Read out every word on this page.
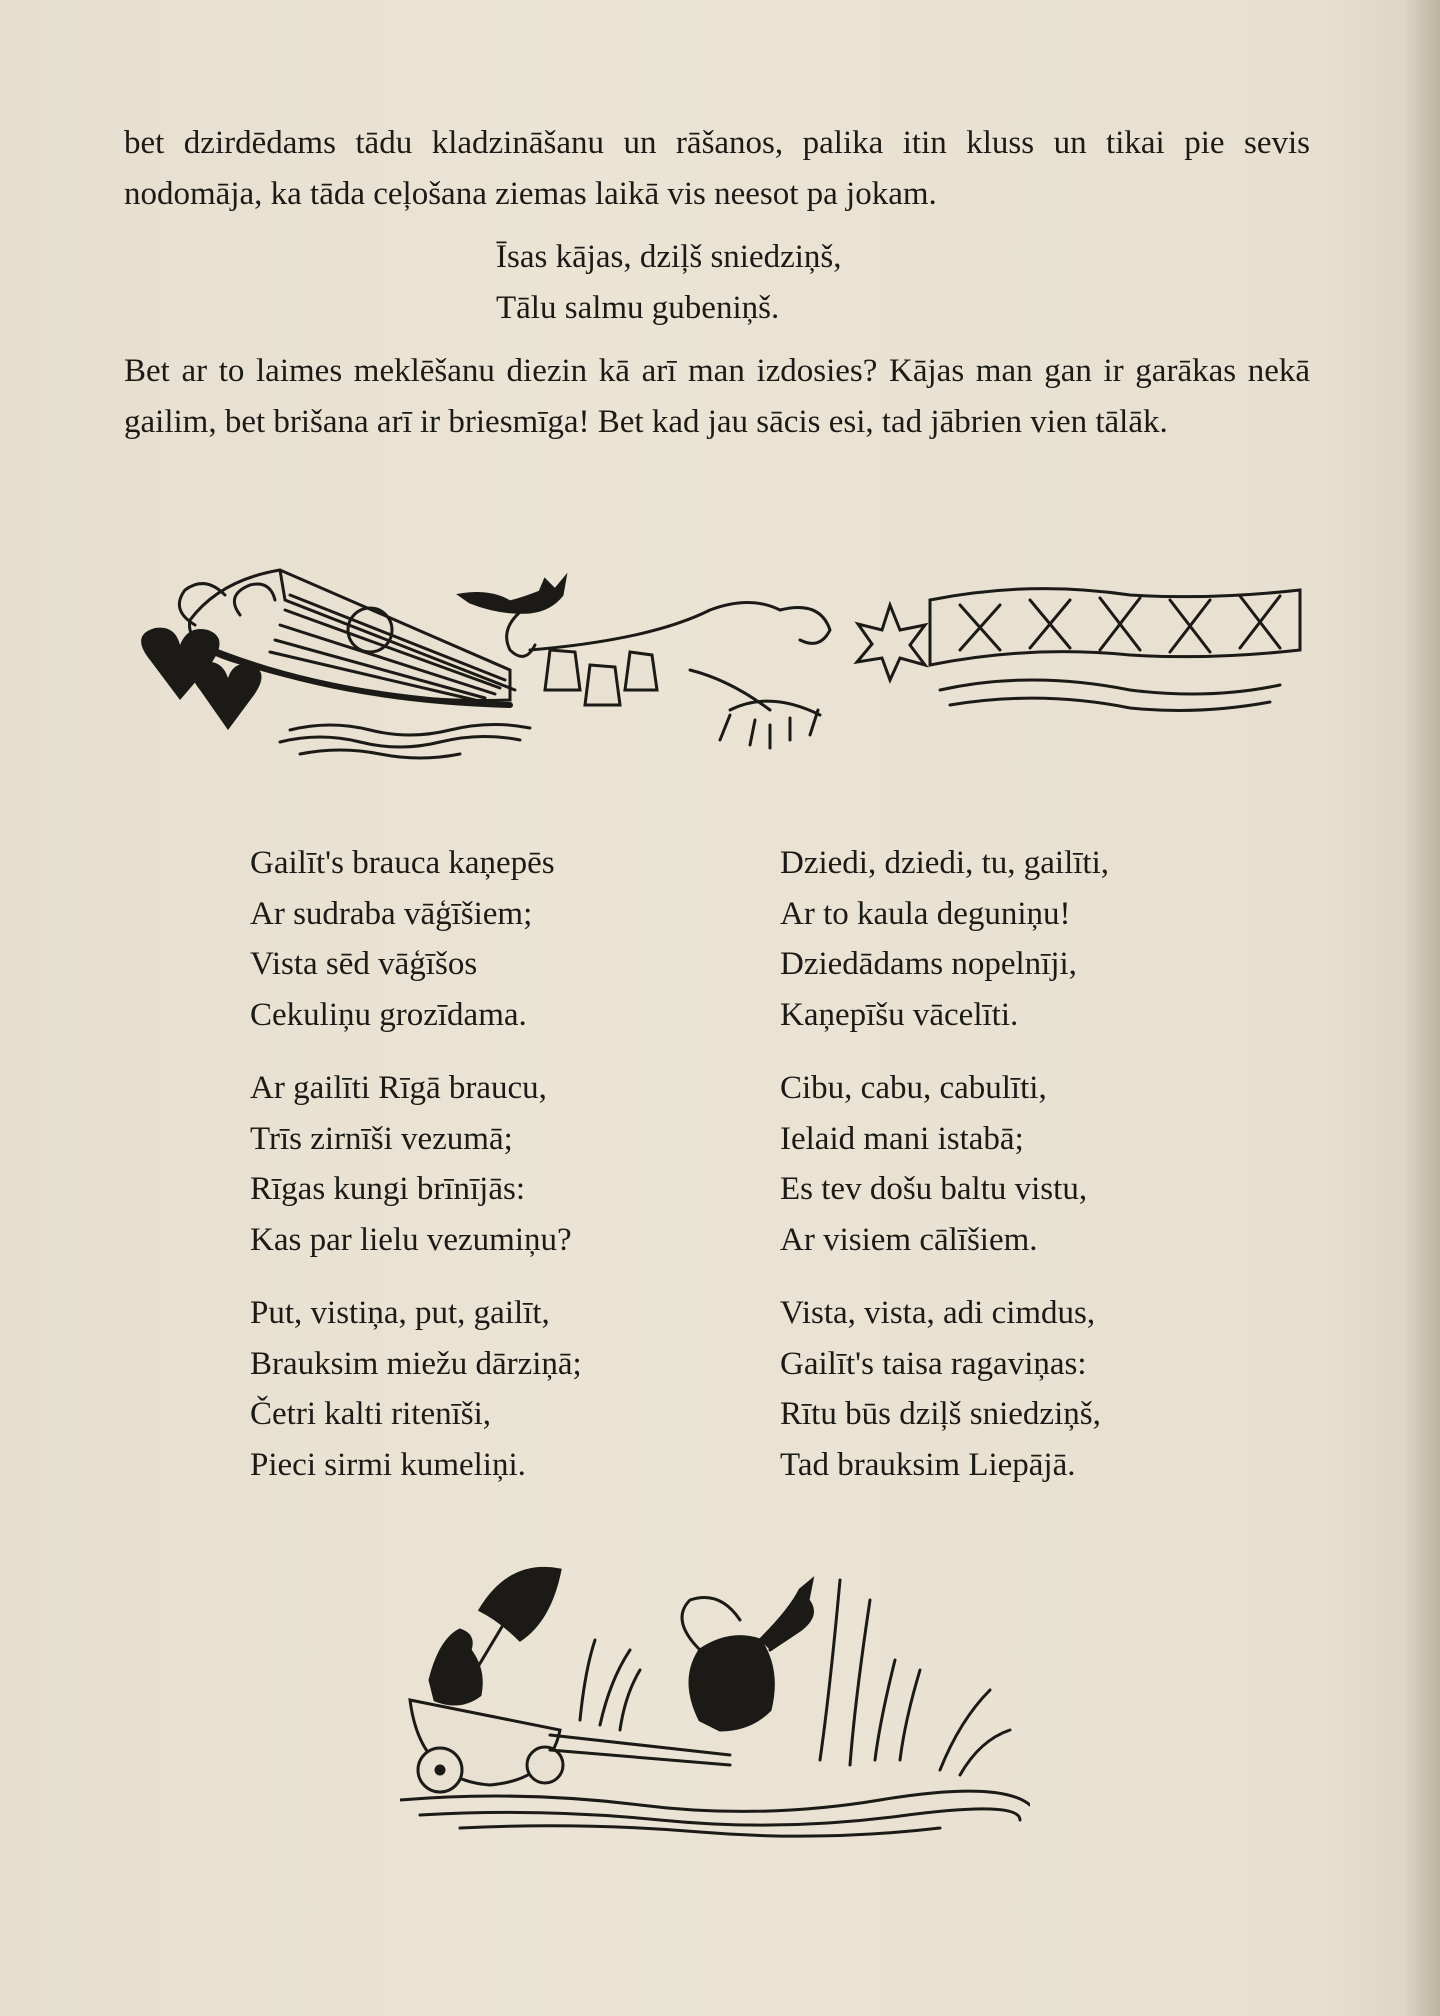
bet dzirdēdams tādu kladzināšanu un rāšanos, palika itin kluss un tikai pie sevis nodomāja, ka tāda ceļošana ziemas laikā vis neesot pa jokam.

Īsas kājas, dziļš sniedziņš,
Tālu salmu gubeniņš.

Bet ar to laimes meklēšanu diezin kā arī man izdosies? Kājas man gan ir garākas nekā gailim, bet brišana arī ir briesmīga! Bet kad jau sācis esi, tad jābrien vien tālāk.

Gailīt's brauca kaņepēs
Ar sudraba vāģīšiem;
Vista sēd vāģīšos
Cekuliņu grozīdama.
Ar gailīti Rīgā braucu,
Trīs zirnīši vezumā;
Rīgas kungi brīnījās:
Kas par lielu vezumiņu?
Put, vistiņa, put, gailīt,
Brauksim miežu dārziņā;
Četri kalti ritenīši,
Pieci sirmi kumeliņi.
Dziedi, dziedi, tu, gailīti,
Ar to kaula deguniņu!
Dziedādams nopelnīji,
Kaņepīšu vācelīti.
Cibu, cabu, cabulīti,
Ielaid mani istabā;
Es tev došu baltu vistu,
Ar visiem cālīšiem.
Vista, vista, adi cimdus,
Gailīt's taisa ragaviņas:
Rītu būs dziļš sniedziņš,
Tad brauksim Liepājā.
